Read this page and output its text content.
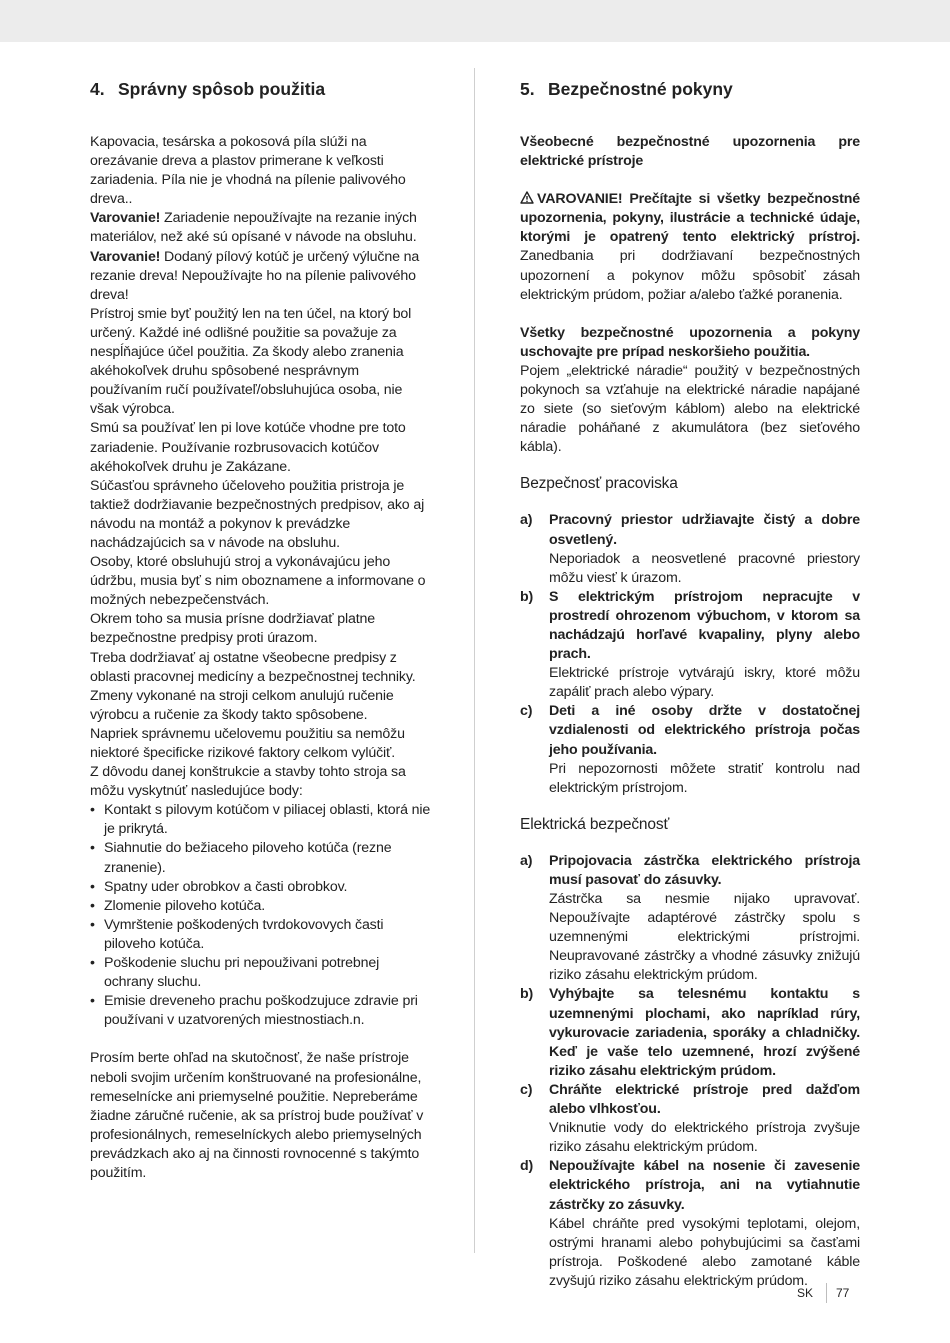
4. Správny spôsob použitia

Kapovacia, tesárska a pokosová píla slúži na orezávanie dreva a plastov primerane k veľkosti zariadenia. Píla nie je vhodná na pílenie palivového dreva..

Varovanie! Zariadenie nepoužívajte na rezanie iných materiálov, než aké sú opísané v návode na obsluhu.

Varovanie! Dodaný pílový kotúč je určený výlučne na rezanie dreva! Nepoužívajte ho na pílenie palivového dreva!

Prístroj smie byť použitý len na ten účel, na ktorý bol určený. Každé iné odlišné použitie sa považuje za nespĺňajúce účel použitia. Za škody alebo zranenia akéhokoľvek druhu spôsobené nesprávnym používaním ručí používateľ/obsluhujúca osoba, nie však výrobca.

Smú sa používať len pi love kotúče vhodne pre toto zariadenie. Používanie rozbrusovacich kotúčov akéhokoľvek druhu je Zakázane.

Súčasťou správneho účeloveho použitia pristroja je taktiež dodržiavanie bezpečnostných predpisov, ako aj návodu na montáž a pokynov k prevádzke nachádzajúcich sa v návode na obsluhu.

Osoby, ktoré obsluhujú stroj a vykonávajúcu jeho údržbu, musia byť s nim oboznamene a informovane o možných nebezpečenstvách.

Okrem toho sa musia prísne dodržiavať platne bezpečnostne predpisy proti úrazom.

Treba dodržiavať aj ostatne všeobecne predpisy z oblasti pracovnej medicíny a bezpečnostnej techniky.

Zmeny vykonané na stroji celkom anulujú ručenie výrobcu a ručenie za škody takto spôsobene.

Napriek správnemu učelovemu použitiu sa nemôžu niektoré špecificke rizikové faktory celkom vylúčiť.

Z dôvodu danej konštrukcie a stavby tohto stroja sa môžu vyskytnúť nasledujúce body:

• Kontakt s pilovym kotúčom v piliacej oblasti, ktorá nie je prikrytá.
• Siahnutie do bežiaceho piloveho kotúča (rezne zranenie).
• Spatny uder obrobkov a časti obrobkov.
• Zlomenie piloveho kotúča.
• Vymrštenie poškodených tvrdokovovych časti piloveho kotúča.
• Poškodenie sluchu pri nepouživani potrebnej ochrany sluchu.
• Emisie dreveneho prachu poškodzujuce zdravie pri používani v uzatvorených miestnostiach.n.

Prosím berte ohľad na skutočnosť, že naše prístroje neboli svojim určením konštruované na profesionálne, remeselnícke ani priemyselné použitie. Nepreberáme žiadne záručné ručenie, ak sa prístroj bude používať v profesionálnych, remeselníckych alebo priemyselných prevádzkach ako aj na činnosti rovnocenné s takýmto použitím.

5. Bezpečnostné pokyny

Všeobecné bezpečnostné upozornenia pre elektrické prístroje

VAROVANIE! Prečítajte si všetky bezpečnostné upozornenia, pokyny, ilustrácie a technické údaje, ktorými je opatrený tento elektrický prístroj. Zanedbania pri dodržiavaní bezpečnostných upozornení a pokynov môžu spôsobiť zásah elektrickým prúdom, požiar a/alebo ťažké poranenia.

Všetky bezpečnostné upozornenia a pokyny uschovajte pre prípad neskoršieho použitia.

Pojem „elektrické náradie“ použitý v bezpečnostných pokynoch sa vzťahuje na elektrické náradie napájané zo siete (so sieťovým káblom) alebo na elektrické náradie poháňané z akumulátora (bez sieťového kábla).

Bezpečnosť pracoviska
a) Pracovný priestor udržiavajte čistý a dobre osvetlený.
Neporiadok a neosvetlené pracovné priestory môžu viesť k úrazom.
b) S elektrickým prístrojom nepracujte v prostredí ohrozenom výbuchom, v ktorom sa nachádzajú horľavé kvapaliny, plyny alebo prach.
Elektrické prístroje vytvárajú iskry, ktoré môžu zapáliť prach alebo výpary.
c) Deti a iné osoby držte v dostatočnej vzdialenosti od elektrického prístroja počas jeho používania.
Pri nepozornosti môžete stratiť kontrolu nad elektrickým prístrojom.
Elektrická bezpečnosť
a) Pripojovacia zástrčka elektrického prístroja musí pasovať do zásuvky.
Zástrčka sa nesmie nijako upravovať. Nepoužívajte adaptérové zástrčky spolu s uzemnenými elektrickými prístrojmi. Neupravované zástrčky a vhodné zásuvky znižujú riziko zásahu elektrickým prúdom.
b) Vyhýbajte sa telesnému kontaktu s uzemnenými plochami, ako napríklad rúry, vykurovacie zariadenia, sporáky a chladničky. Keď je vaše telo uzemnené, hrozí zvýšené riziko zásahu elektrickým prúdom.
c) Chráňte elektrické prístroje pred dažďom alebo vlhkosťou.
Vniknutie vody do elektrického prístroja zvyšuje riziko zásahu elektrickým prúdom.
d) Nepoužívajte kábel na nosenie či zavesenie elektrického prístroja, ani na vytiahnutie zástrčky zo zásuvky.
Kábel chráňte pred vysokými teplotami, olejom, ostrými hranami alebo pohybujúcimi sa časťami prístroja. Poškodené alebo zamotané káble zvyšujú riziko zásahu elektrickým prúdom.
SK 77
